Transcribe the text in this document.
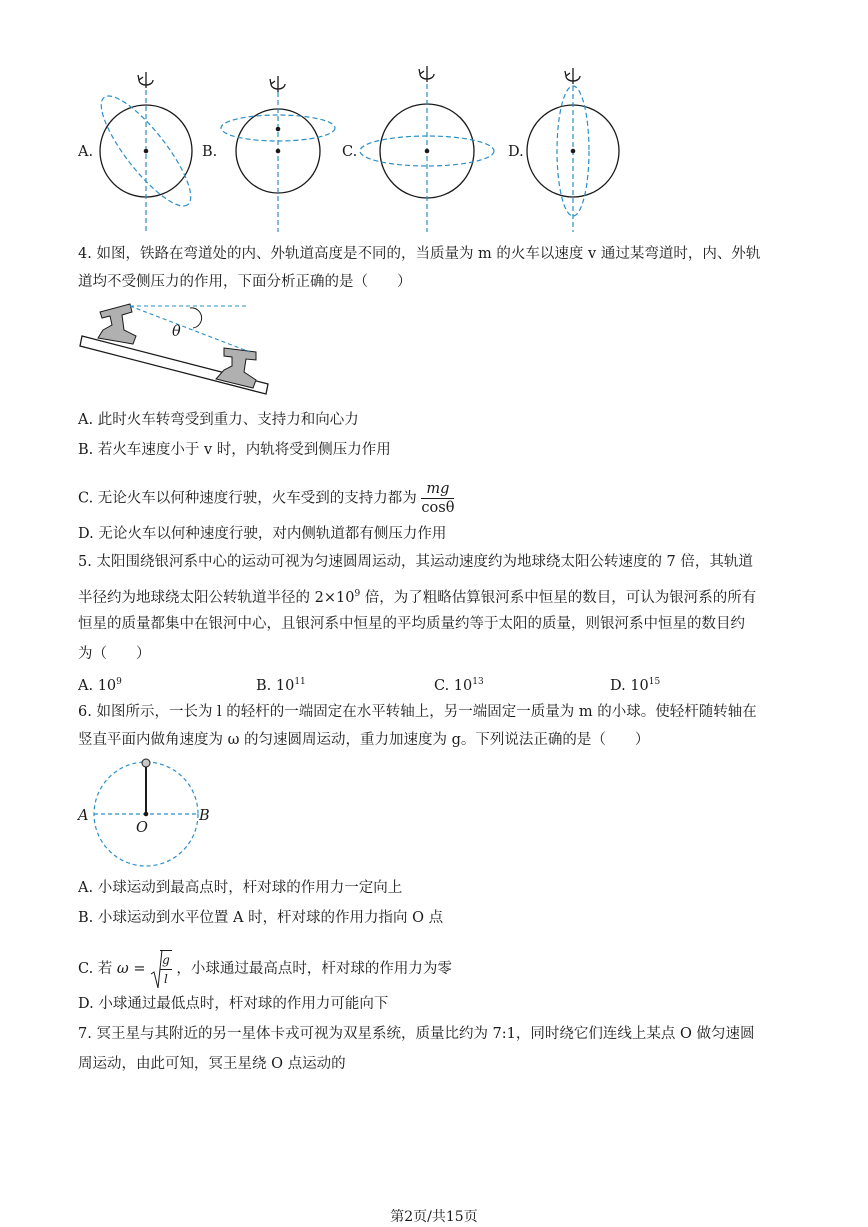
A.	B.	C.	D.
4. 如图，铁路在弯道处的内、外轨道高度是不同的，当质量为 m 的火车以速度 v 通过某弯道时，内、外轨
道均不受侧压力的作用，下面分析正确的是（　　）
θ
A. 此时火车转弯受到重力、支持力和向心力
B. 若火车速度小于 v 时，内轨将受到侧压力作用
C. 无论火车以何种速度行驶，火车受到的支持力都为 $\frac{mg}{\cos\theta}$
D. 无论火车以何种速度行驶，对内侧轨道都有侧压力作用
5. 太阳围绕银河系中心的运动可视为匀速圆周运动，其运动速度约为地球绕太阳公转速度的 7 倍，其轨道
半径约为地球绕太阳公转轨道半径的 $2\times 10^9$ 倍，为了粗略估算银河系中恒星的数目，可认为银河系的所有
恒星的质量都集中在银河中心，且银河系中恒星的平均质量约等于太阳的质量，则银河系中恒星的数目约
为（　　）
A. $10^9$	B. $10^{11}$	C. $10^{13}$	D. $10^{15}$
6. 如图所示，一长为 l 的轻杆的一端固定在水平转轴上，另一端固定一质量为 m 的小球。使轻杆随转轴在
竖直平面内做角速度为 ω 的匀速圆周运动，重力加速度为 g。下列说法正确的是（　　）
A
O
B
A. 小球运动到最高点时，杆对球的作用力一定向上
B. 小球运动到水平位置 A 时，杆对球的作用力指向 O 点
C. 若 $\omega = \frac{g}{l}$ ，小球通过最高点时，杆对球的作用力为零
D. 小球通过最低点时，杆对球的作用力可能向下
7. 冥王星与其附近的另一星体卡戎可视为双星系统，质量比约为 7:1，同时绕它们连线上某点 O 做匀速圆
周运动，由此可知，冥王星绕 O 点运动的
第2页/共15页
